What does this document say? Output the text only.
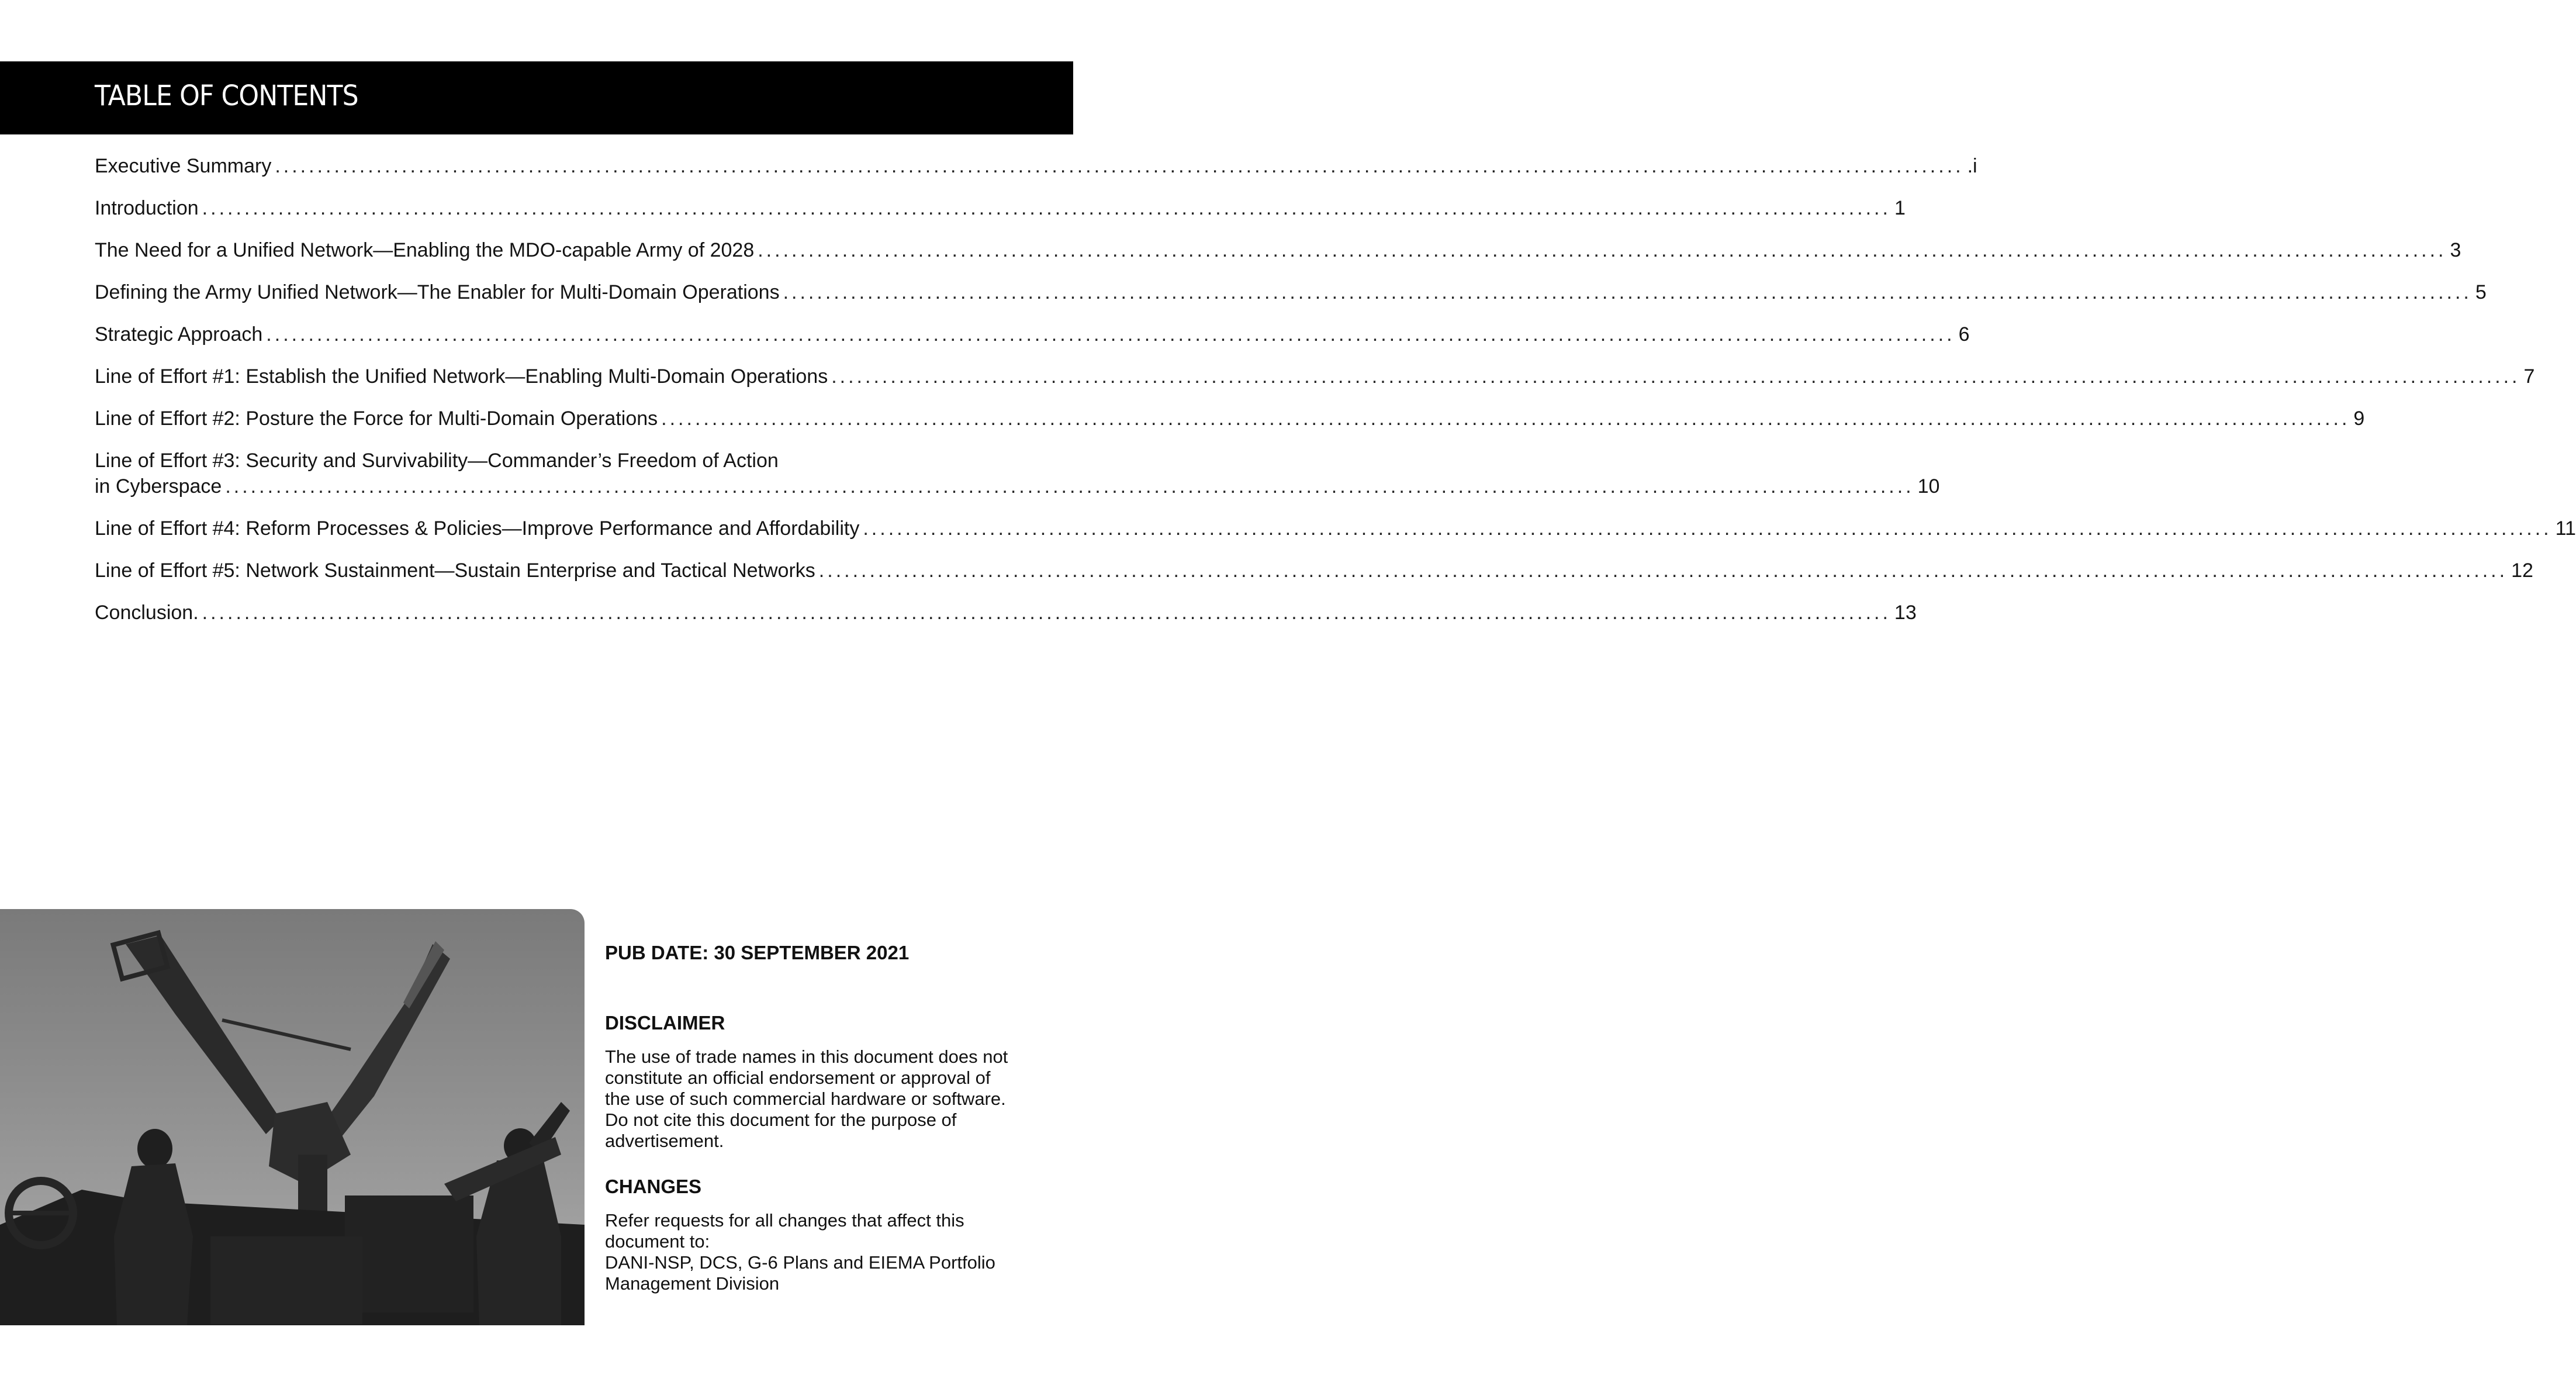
TABLE OF CONTENTS
Executive Summary ........................................................................................................................................................................................................ .i
Introduction ........................................................................................................................................................................................................ 1
The Need for a Unified Network—Enabling the MDO-capable Army of 2028 ........................................................................................................................................................................................................ 3
Defining the Army Unified Network—The Enabler for Multi-Domain Operations ........................................................................................................................................................................................................ 5
Strategic Approach ........................................................................................................................................................................................................ 6
Line of Effort #1: Establish the Unified Network—Enabling Multi-Domain Operations ........................................................................................................................................................................................................ 7
Line of Effort #2: Posture the Force for Multi-Domain Operations ........................................................................................................................................................................................................ 9
Line of Effort #3: Security and Survivability—Commander’s Freedom of Action
in Cyberspace ........................................................................................................................................................................................................ 10
Line of Effort #4: Reform Processes & Policies—Improve Performance and Affordability ........................................................................................................................................................................................................ 11
Line of Effort #5: Network Sustainment—Sustain Enterprise and Tactical Networks ........................................................................................................................................................................................................ 12
Conclusion. ........................................................................................................................................................................................................ 13

PUB DATE: 30 SEPTEMBER 2021

DISCLAIMER

The use of trade names in this document does not constitute an official endorsement or approval of the use of such commercial hardware or software. Do not cite this document for the purpose of advertisement.

CHANGES

Refer requests for all changes that affect this document to:

DANI-NSP, DCS, G-6 Plans and EIEMA Portfolio Management Division
